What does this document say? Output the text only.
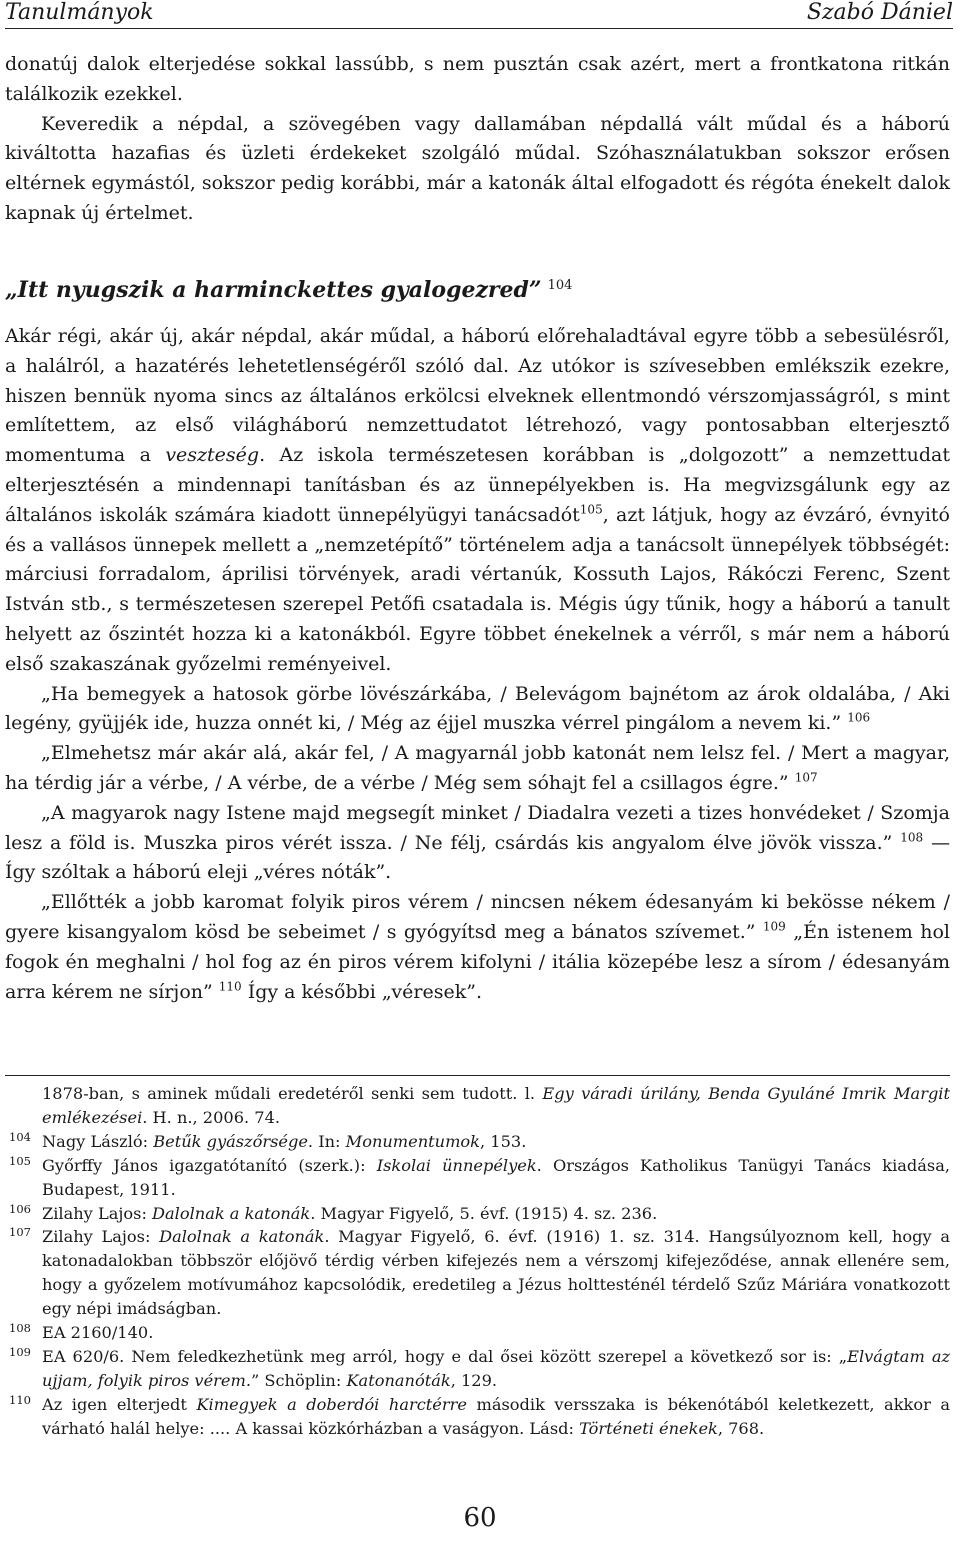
Tanulmányok	Szabó Dániel

donatúj dalok elterjedése sokkal lassúbb, s nem pusztán csak azért, mert a frontkatona ritkán találkozik ezekkel.

Keveredik a népdal, a szövegében vagy dallamában népdallá vált műdal és a háború kiváltotta hazafias és üzleti érdekeket szolgáló műdal. Szóhasználatukban sokszor erősen eltérnek egymástól, sokszor pedig korábbi, már a katonák által elfogadott és régóta énekelt dalok kapnak új értelmet.

„Itt nyugszik a harminckettes gyalogezred” $^{104}$

Akár régi, akár új, akár népdal, akár műdal, a háború előrehaladtával egyre több a sebesülésről, a halálról, a hazatérés lehetetlenségéről szóló dal. Az utókor is szívesebben emlékszik ezekre, hiszen bennük nyoma sincs az általános erkölcsi elveknek ellentmondó vérszomjasságról, s mint említettem, az első világháború nemzettudatot létrehozó, vagy pontosabban elterjesztő momentuma a veszteség. Az iskola természetesen korábban is „dolgozott” a nemzettudat elterjesztésén a mindennapi tanításban és az ünnepélyekben is. Ha megvizsgálunk egy az általános iskolák számára kiadott ünnepélyügyi tanácsadót$^{105}$, azt látjuk, hogy az évzáró, évnyitó és a vallásos ünnepek mellett a „nemzetépítő” történelem adja a tanácsolt ünnepélyek többségét: márciusi forradalom, áprilisi törvények, aradi vértanúk, Kossuth Lajos, Rákóczi Ferenc, Szent István stb., s természetesen szerepel Petőfi csatadala is. Mégis úgy tűnik, hogy a háború a tanult helyett az őszintét hozza ki a katonákból. Egyre többet énekelnek a vérről, s már nem a háború első szakaszának győzelmi reményeivel.

„Ha bemegyek a hatosok görbe lövészárkába, / Belevágom bajnétom az árok oldalába, / Aki legény, gyüjjék ide, huzza onnét ki, / Még az éjjel muszka vérrel pingálom a nevem ki.” $^{106}$

„Elmehetsz már akár alá, akár fel, / A magyarnál jobb katonát nem lelsz fel. / Mert a magyar, ha térdig jár a vérbe, / A vérbe, de a vérbe / Még sem sóhajt fel a csillagos égre.” $^{107}$

„A magyarok nagy Istene majd megsegít minket / Diadalra vezeti a tizes honvédeket / Szomja lesz a föld is. Muszka piros vérét issza. / Ne félj, csárdás kis angyalom élve jövök vissza.” $^{108}$ — Így szóltak a háború eleji „véres nóták”.

„Ellőtték a jobb karomat folyik piros vérem / nincsen nékem édesanyám ki bekösse nékem / gyere kisangyalom kösd be sebeimet / s gyógyítsd meg a bánatos szívemet.” $^{109}$ „Én istenem hol fogok én meghalni / hol fog az én piros vérem kifolyni / itália közepébe lesz a sírom / édesanyám arra kérem ne sírjon” $^{110}$ Így a későbbi „véresek”.

1878-ban, s aminek műdali eredetéről senki sem tudott. l. Egy váradi úrilány, Benda Gyuláné Imrik Margit emlékezései. H. n., 2006. 74.

104 Nagy László: Betűk gyászőrsége. In: Monumentumok, 153.

105 Győrffy János igazgatótanító (szerk.): Iskolai ünnepélyek. Országos Katholikus Tanügyi Tanács kiadása, Budapest, 1911.

106 Zilahy Lajos: Dalolnak a katonák. Magyar Figyelő, 5. évf. (1915) 4. sz. 236.

107 Zilahy Lajos: Dalolnak a katonák. Magyar Figyelő, 6. évf. (1916) 1. sz. 314. Hangsúlyoznom kell, hogy a katonadalokban többször előjövő térdig vérben kifejezés nem a vérszomj kifejeződése, annak ellenére sem, hogy a győzelem motívumához kapcsolódik, eredetileg a Jézus holttesténél térdelő Szűz Máriára vonatkozott egy népi imádságban.

108 EA 2160/140.

109 EA 620/6. Nem feledkezhetünk meg arról, hogy e dal ősei között szerepel a következő sor is: „Elvágtam az ujjam, folyik piros vérem.” Schöplin: Katonanóták, 129.

110 Az igen elterjedt Kimegyek a doberdói harctérre második versszaka is békenótából keletkezett, akkor a várható halál helye: .... A kassai közkórházban a vaságyon. Lásd: Történeti énekek, 768.

60
